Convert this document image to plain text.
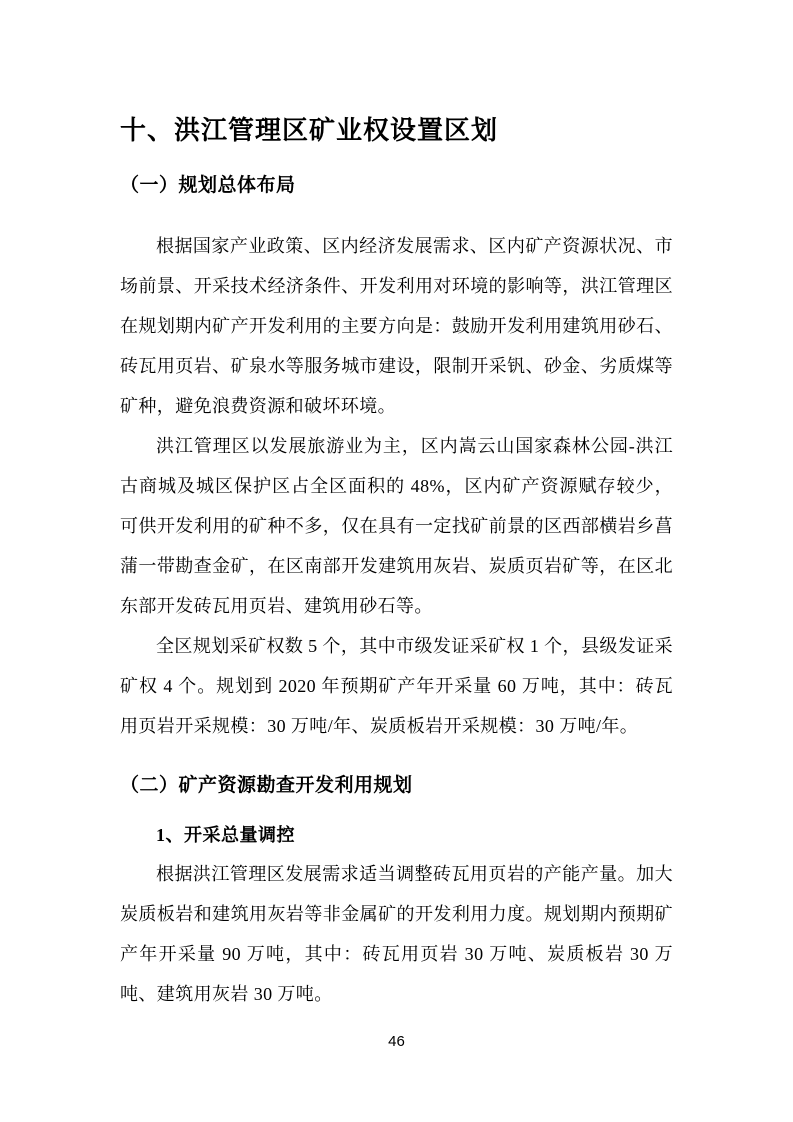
十、洪江管理区矿业权设置区划
（一）规划总体布局

根据国家产业政策、区内经济发展需求、区内矿产资源状况、市场前景、开采技术经济条件、开发利用对环境的影响等，洪江管理区在规划期内矿产开发利用的主要方向是：鼓励开发利用建筑用砂石、砖瓦用页岩、矿泉水等服务城市建设，限制开采钒、砂金、劣质煤等矿种，避免浪费资源和破坏环境。

洪江管理区以发展旅游业为主，区内嵩云山国家森林公园-洪江古商城及城区保护区占全区面积的 48%，区内矿产资源赋存较少，可供开发利用的矿种不多，仅在具有一定找矿前景的区西部横岩乡菖蒲一带勘查金矿，在区南部开发建筑用灰岩、炭质页岩矿等，在区北东部开发砖瓦用页岩、建筑用砂石等。

全区规划采矿权数 5 个，其中市级发证采矿权 1 个，县级发证采矿权 4 个。规划到 2020 年预期矿产年开采量 60 万吨，其中：砖瓦用页岩开采规模：30 万吨/年、炭质板岩开采规模：30 万吨/年。

（二）矿产资源勘查开发利用规划
1、开采总量调控

根据洪江管理区发展需求适当调整砖瓦用页岩的产能产量。加大炭质板岩和建筑用灰岩等非金属矿的开发利用力度。规划期内预期矿产年开采量 90 万吨，其中：砖瓦用页岩 30 万吨、炭质板岩 30 万吨、建筑用灰岩 30 万吨。

46
